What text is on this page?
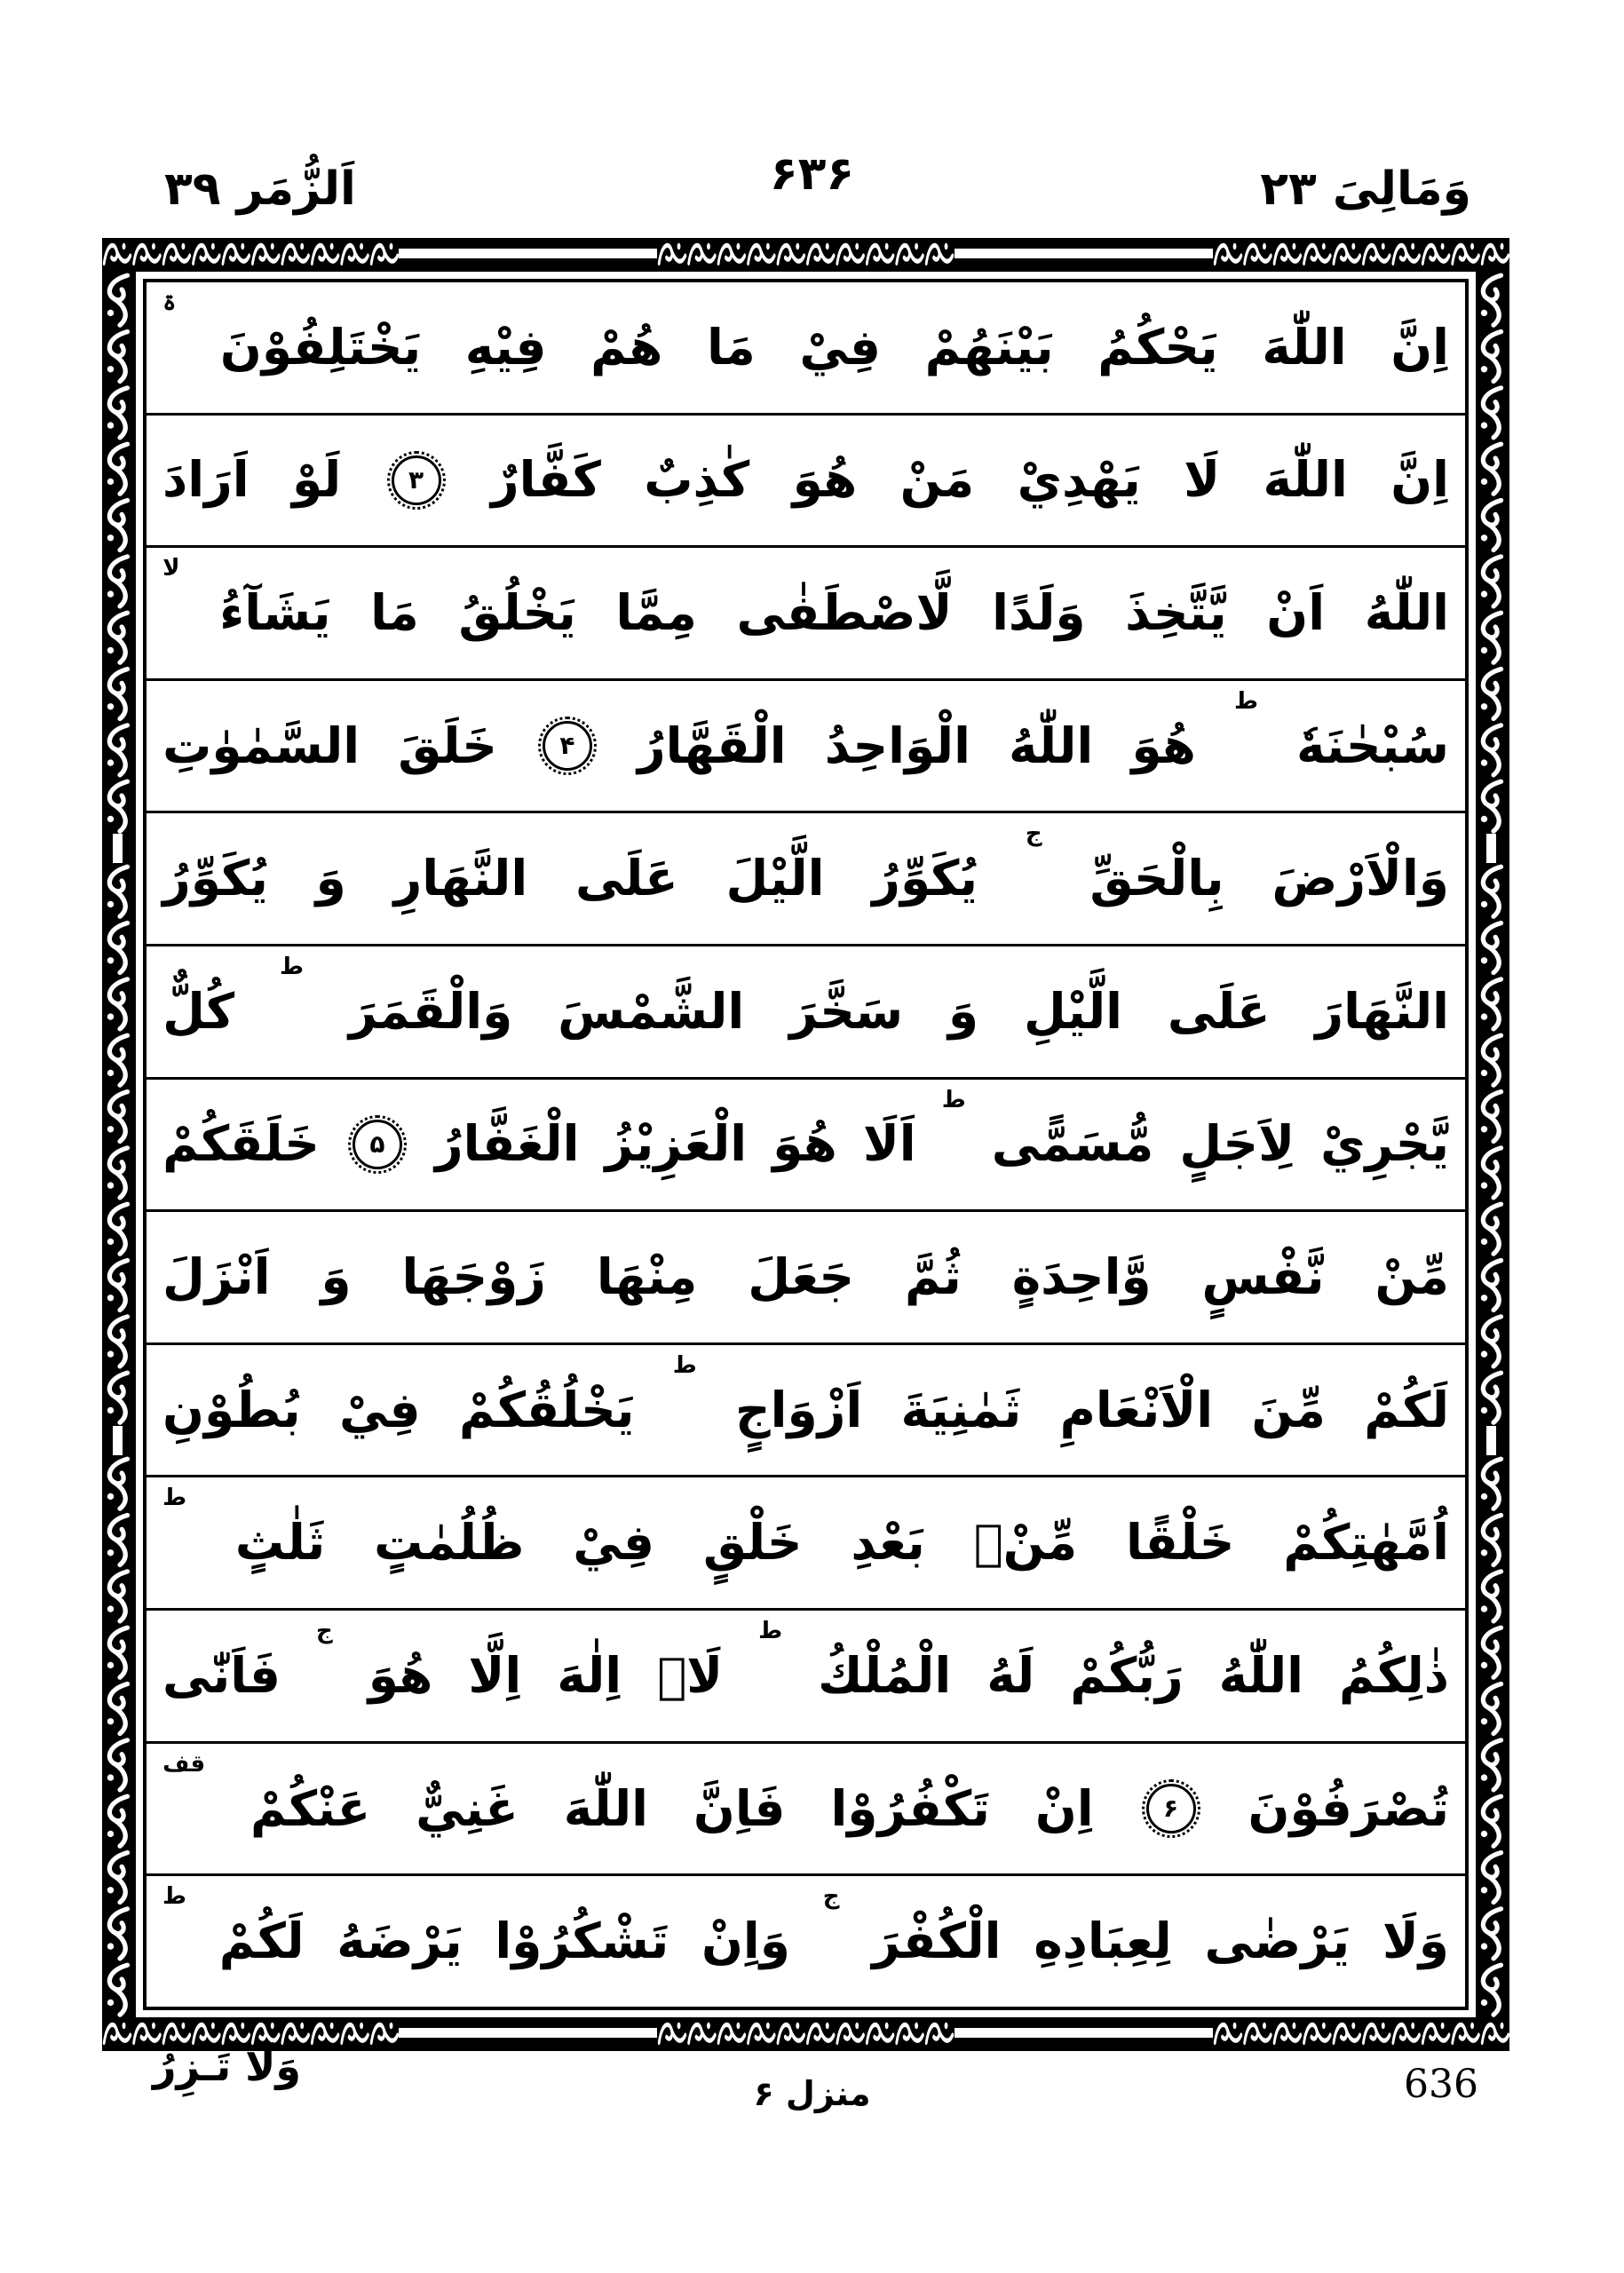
وَمَالِىَ ۲۳
۶۳۶
اَلزُّمَر ۳۹
اِنَّ
اللّٰهَ
يَحْكُمُ
بَيْنَهُمْ
فِيْ
مَا
هُمْ
فِيْهِ
يَخْتَلِفُوْنَ
ۃ
اِنَّ
اللّٰهَ
لَا
يَهْدِيْ
مَنْ
هُوَ
كٰذِبٌ
كَفَّارٌ
۳
لَوْ
اَرَادَ
اللّٰهُ
اَنْ
يَّتَّخِذَ
وَلَدًا
لَّاصْطَفٰى
مِمَّا
يَخْلُقُ
مَا
يَشَآءُ
لا
سُبْحٰنَهٗ
ط
هُوَ
اللّٰهُ
الْوَاحِدُ
الْقَهَّارُ
۴
خَلَقَ
السَّمٰوٰتِ
وَالْاَرْضَ
بِالْحَقِّ
ج
يُكَوِّرُ
الَّيْلَ
عَلَى
النَّهَارِ
وَ
يُكَوِّرُ
النَّهَارَ
عَلَى
الَّيْلِ
وَ
سَخَّرَ
الشَّمْسَ
وَالْقَمَرَ
ط
كُلٌّ
يَّجْرِيْ
لِاَجَلٍ
مُّسَمًّى
ط
اَلَا
هُوَ
الْعَزِيْزُ
الْغَفَّارُ
۵
خَلَقَكُمْ
مِّنْ
نَّفْسٍ
وَّاحِدَةٍ
ثُمَّ
جَعَلَ
مِنْهَا
زَوْجَهَا
وَ
اَنْزَلَ
لَكُمْ
مِّنَ
الْاَنْعَامِ
ثَمٰنِيَةَ
اَزْوَاجٍ
ط
يَخْلُقُكُمْ
فِيْ
بُطُوْنِ
اُمَّهٰتِكُمْ
خَلْقًا
مِّنْۢ
بَعْدِ
خَلْقٍ
فِيْ
ظُلُمٰتٍ
ثَلٰثٍ
ط
ذٰلِكُمُ
اللّٰهُ
رَبُّكُمْ
لَهُ
الْمُلْكُ
ط
لَاۤ
اِلٰهَ
اِلَّا
هُوَ
ج
فَاَنّٰى
تُصْرَفُوْنَ
۶
اِنْ
تَكْفُرُوْا
فَاِنَّ
اللّٰهَ
غَنِيٌّ
عَنْكُمْ
قف
وَلَا
يَرْضٰى
لِعِبَادِهِ
الْكُفْرَ
ج
وَاِنْ
تَشْكُرُوْا
يَرْضَهُ
لَكُمْ
ط
وَلَا تَـزِرُ
منزل ۶	636
